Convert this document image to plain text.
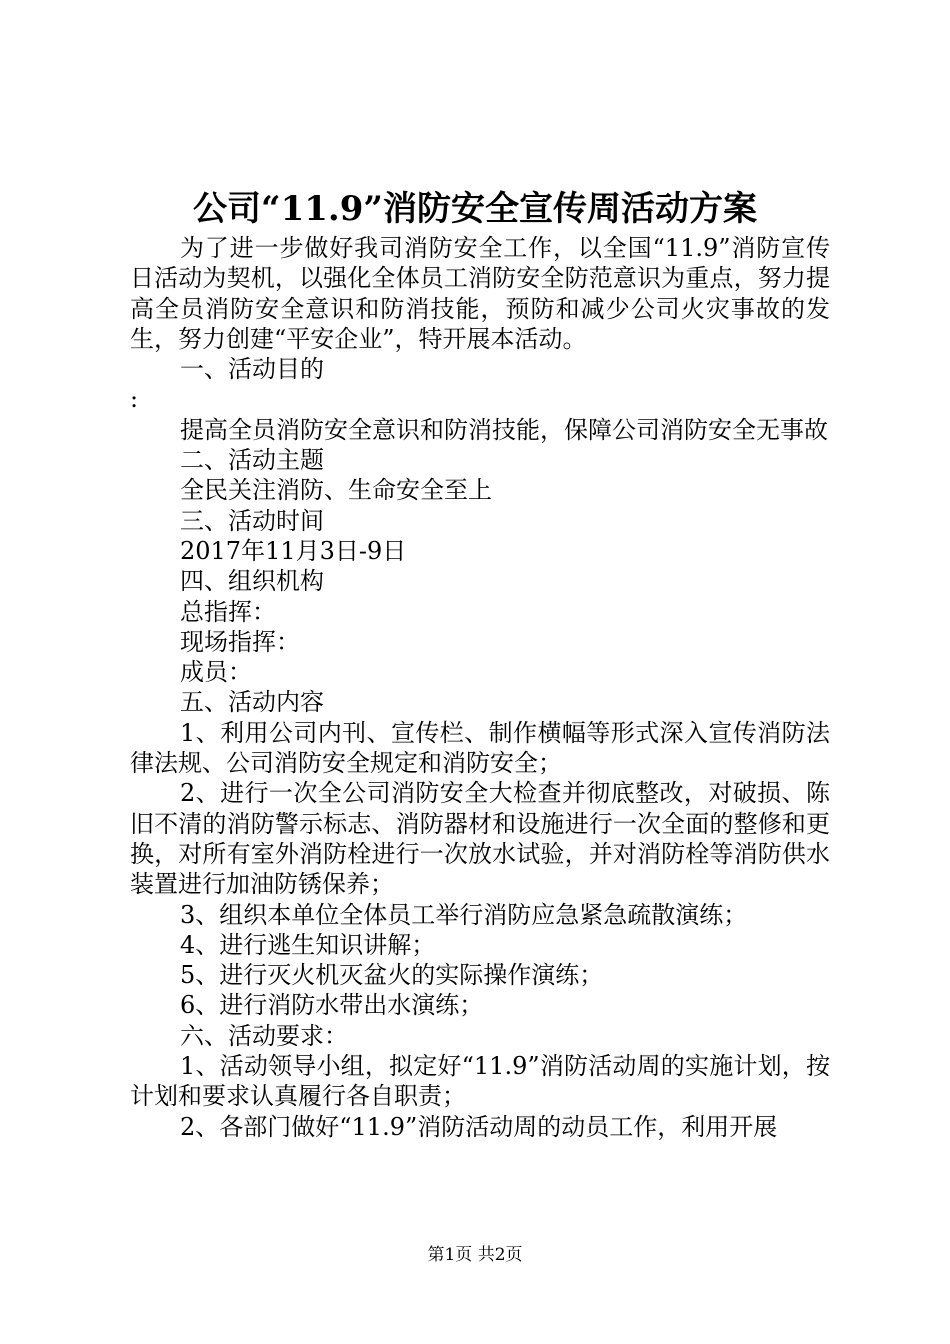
公司“11.9”消防安全宣传周活动方案

为了进一步做好我司消防安全工作，以全国“11.9”消防宣传日活动为契机，以强化全体员工消防安全防范意识为重点，努力提高全员消防安全意识和防消技能，预防和减少公司火灾事故的发生，努力创建“平安企业”，特开展本活动。

一、活动目的

:

提高全员消防安全意识和防消技能，保障公司消防安全无事故

二、活动主题

全民关注消防、生命安全至上

三、活动时间

2017年11月3日-9日

四、组织机构

总指挥：

现场指挥：

成员：

五、活动内容

1、利用公司内刊、宣传栏、制作横幅等形式深入宣传消防法律法规、公司消防安全规定和消防安全；

2、进行一次全公司消防安全大检查并彻底整改，对破损、陈旧不清的消防警示标志、消防器材和设施进行一次全面的整修和更换，对所有室外消防栓进行一次放水试验，并对消防栓等消防供水装置进行加油防锈保养；

3、组织本单位全体员工举行消防应急紧急疏散演练；

4、进行逃生知识讲解；

5、进行灭火机灭盆火的实际操作演练；

6、进行消防水带出水演练；

六、活动要求：

1、活动领导小组，拟定好“11.9”消防活动周的实施计划，按计划和要求认真履行各自职责；

2、各部门做好“11.9”消防活动周的动员工作，利用开展

第1页 共2页
